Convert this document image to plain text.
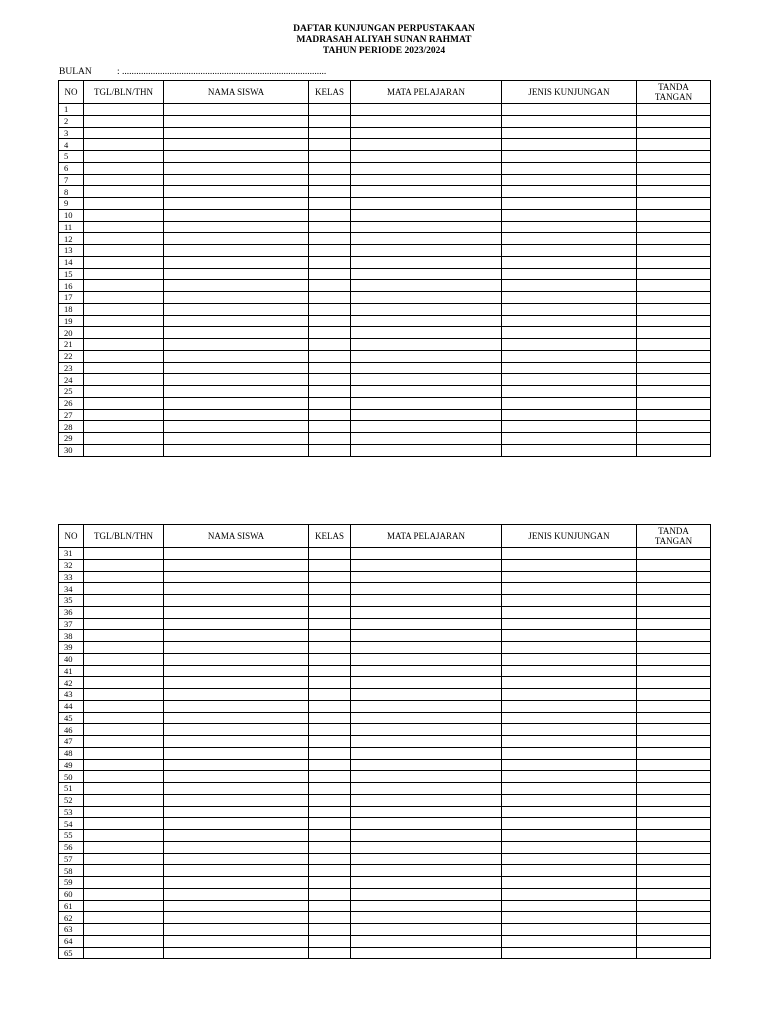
DAFTAR KUNJUNGAN PERPUSTAKAAN
MADRASAH ALIYAH SUNAN RAHMAT
TAHUN PERIODE 2023/2024
BULAN	: ......................................................................................
NO	TGL/BLN/THN	NAMA SISWA	KELAS	MATA PELAJARAN	JENIS KUNJUNGAN	TANDA
TANGAN

1						
2						
3						
4						
5						
6						
7						
8						
9						
10						
11						
12						
13						
14						
15						
16						
17						
18						
19						
20						
21						
22						
23						
24						
25						
26						
27						
28						
29						
30						
NO	TGL/BLN/THN	NAMA SISWA	KELAS	MATA PELAJARAN	JENIS KUNJUNGAN	TANDA
TANGAN

31						
32						
33						
34						
35						
36						
37						
38						
39						
40						
41						
42						
43						
44						
45						
46						
47						
48						
49						
50						
51						
52						
53						
54						
55						
56						
57						
58						
59						
60						
61						
62						
63						
64						
65						
